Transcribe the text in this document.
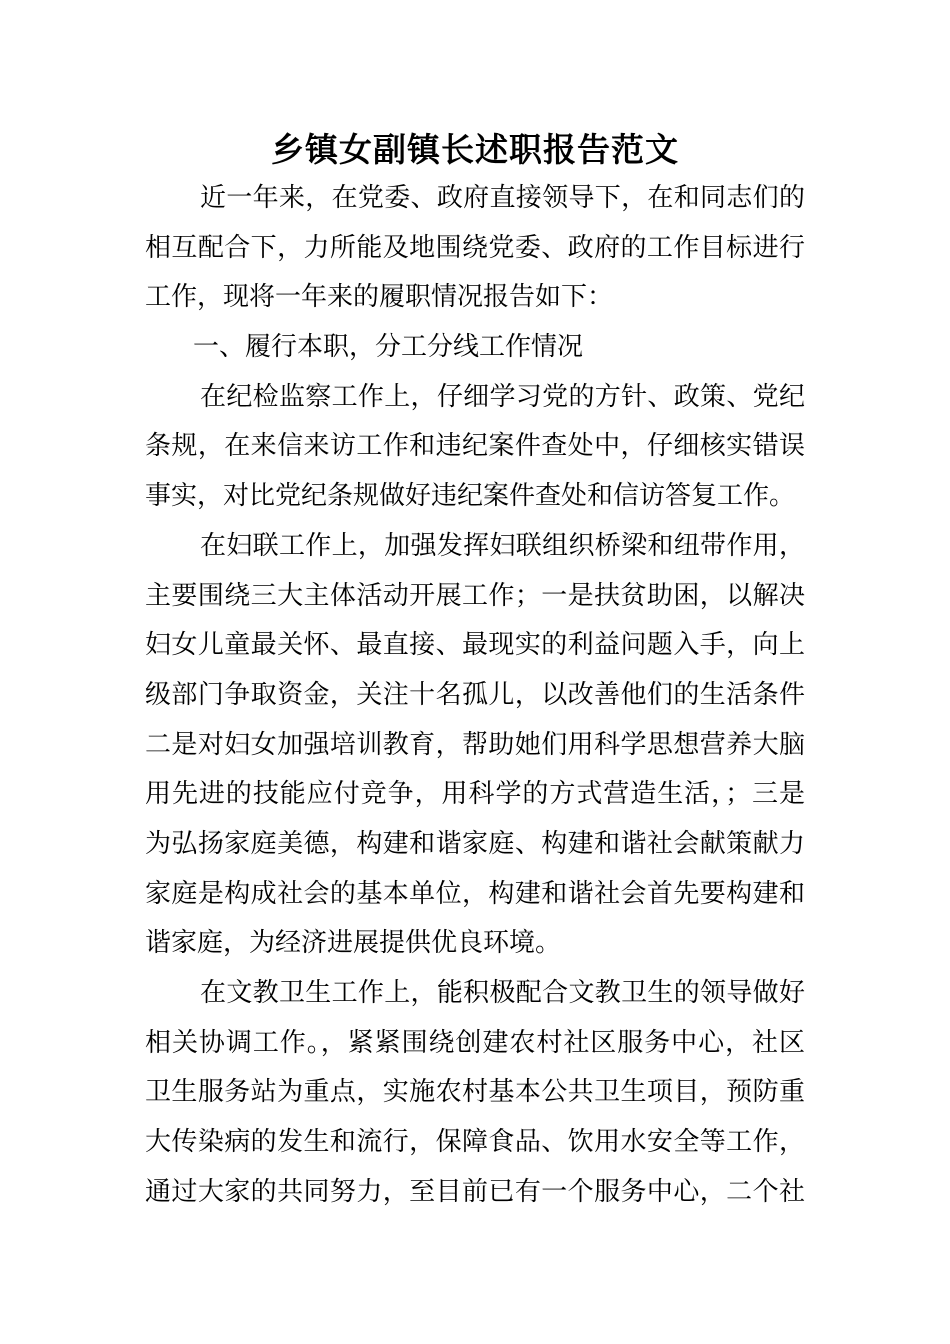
乡镇女副镇长述职报告范文
近一年来，在党委、政府直接领导下，在和同志们的
相互配合下，力所能及地围绕党委、政府的工作目标进行
工作，现将一年来的履职情况报告如下：
一、履行本职，分工分线工作情况
在纪检监察工作上，仔细学习党的方针、政策、党纪
条规，在来信来访工作和违纪案件查处中，仔细核实错误
事实，对比党纪条规做好违纪案件查处和信访答复工作。
在妇联工作上，加强发挥妇联组织桥梁和纽带作用，
主要围绕三大主体活动开展工作；一是扶贫助困，以解决
妇女儿童最关怀、最直接、最现实的利益问题入手，向上
级部门争取资金，关注十名孤儿，以改善他们的生活条件
二是对妇女加强培训教育，帮助她们用科学思想营养大脑
用先进的技能应付竞争，用科学的方式营造生活，；三是
为弘扬家庭美德，构建和谐家庭、构建和谐社会献策献力
家庭是构成社会的基本单位，构建和谐社会首先要构建和
谐家庭，为经济进展提供优良环境。
在文教卫生工作上，能积极配合文教卫生的领导做好
相关协调工作。，紧紧围绕创建农村社区服务中心，社区
卫生服务站为重点，实施农村基本公共卫生项目，预防重
大传染病的发生和流行，保障食品、饮用水安全等工作，
通过大家的共同努力，至目前已有一个服务中心，二个社
